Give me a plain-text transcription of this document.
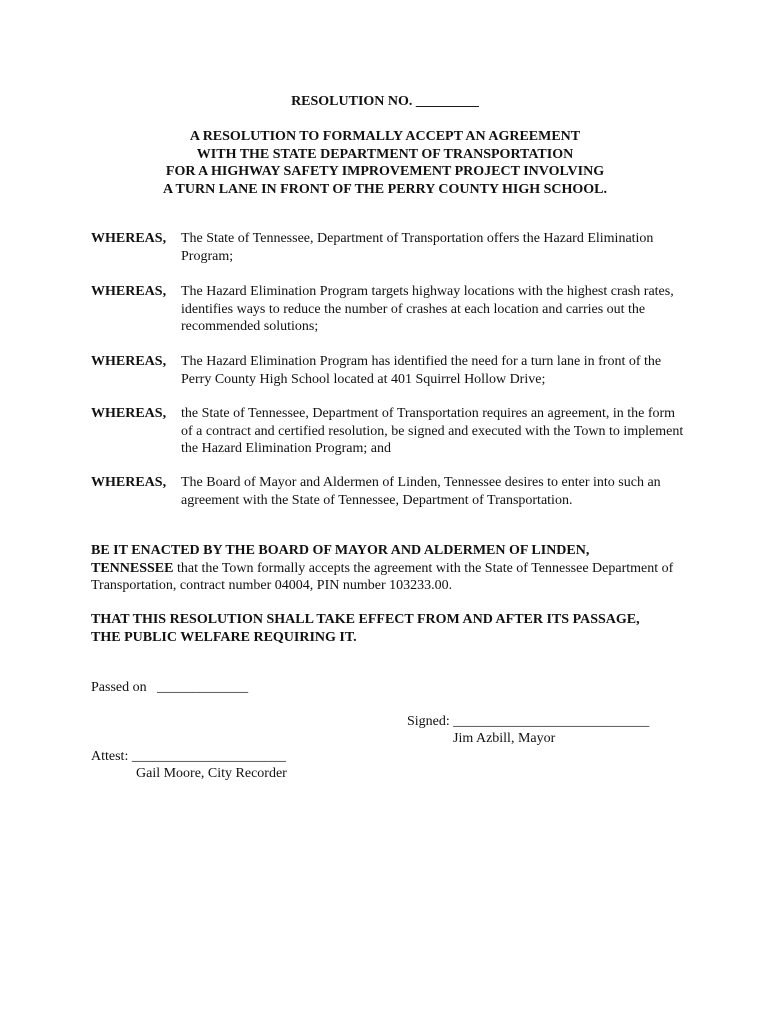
RESOLUTION NO. _________
A RESOLUTION TO FORMALLY ACCEPT AN AGREEMENT
WITH THE STATE DEPARTMENT OF TRANSPORTATION
FOR A HIGHWAY SAFETY IMPROVEMENT PROJECT INVOLVING
A TURN LANE IN FRONT OF THE PERRY COUNTY HIGH SCHOOL.
WHEREAS, The State of Tennessee, Department of Transportation offers the Hazard Elimination Program;
WHEREAS, The Hazard Elimination Program targets highway locations with the highest crash rates, identifies ways to reduce the number of crashes at each location and carries out the recommended solutions;
WHEREAS, The Hazard Elimination Program has identified the need for a turn lane in front of the Perry County High School located at 401 Squirrel Hollow Drive;
WHEREAS, the State of Tennessee, Department of Transportation requires an agreement, in the form of a contract and certified resolution, be signed and executed with the Town to implement the Hazard Elimination Program; and
WHEREAS, The Board of Mayor and Aldermen of Linden, Tennessee desires to enter into such an agreement with the State of Tennessee, Department of Transportation.
BE IT ENACTED BY THE BOARD OF MAYOR AND ALDERMEN OF LINDEN,
TENNESSEE that the Town formally accepts the agreement with the State of Tennessee Department of Transportation, contract number 04004, PIN number 103233.00.
THAT THIS RESOLUTION SHALL TAKE EFFECT FROM AND AFTER ITS PASSAGE,
THE PUBLIC WELFARE REQUIRING IT.
Passed on   _____________
Signed: ____________________________
Jim Azbill, Mayor
Attest: ______________________
Gail Moore, City Recorder
